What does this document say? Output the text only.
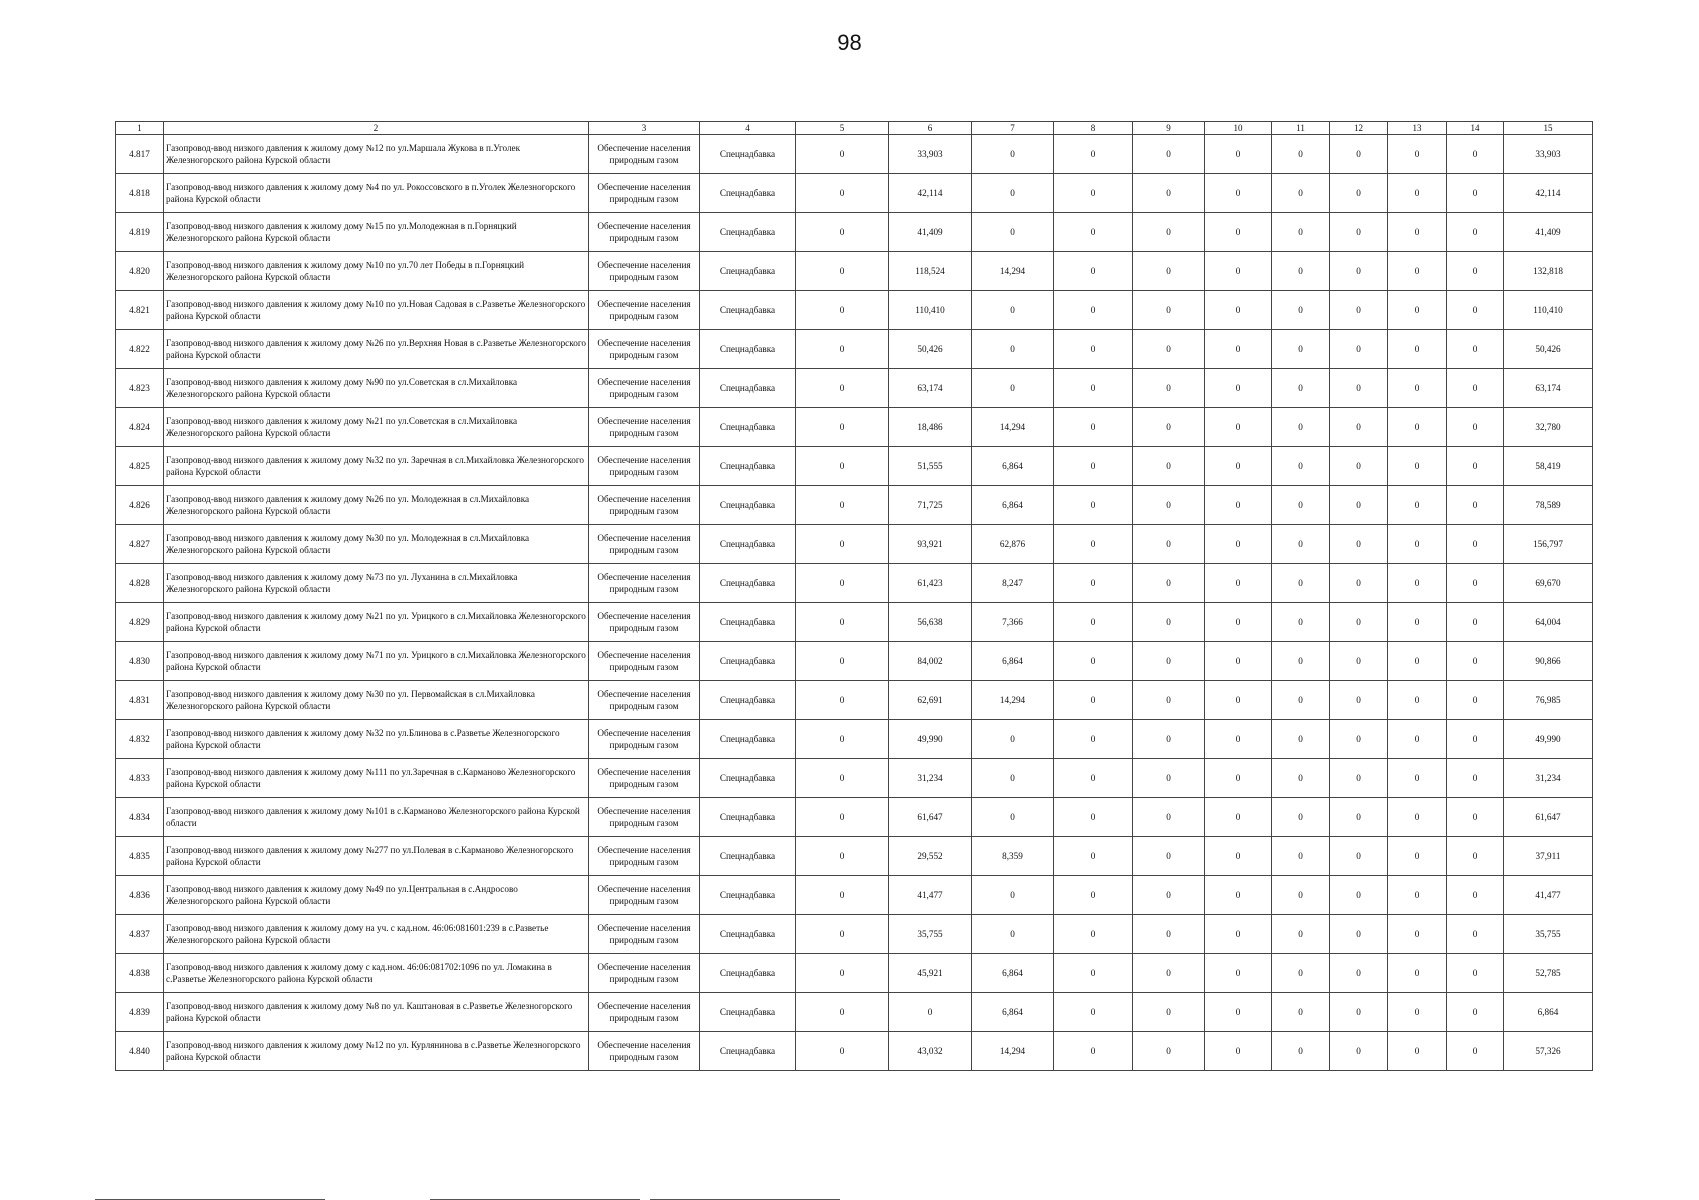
98
1	2	3	4	5	6	7	8	9	10	11	12	13	14	15
4.817	Газопровод-ввод низкого давления к жилому дому №12 по ул.Маршала Жукова в п.Уголек Железногорского района Курской области	Обеспечение населения природным газом	Спецнадбавка	0	33,903	0	0	0	0	0	0	0	0	33,903
4.818	Газопровод-ввод низкого давления к жилому дому №4 по ул. Рокоссовского в п.Уголек Железногорского района Курской области	Обеспечение населения природным газом	Спецнадбавка	0	42,114	0	0	0	0	0	0	0	0	42,114
4.819	Газопровод-ввод низкого давления к жилому дому №15 по ул.Молодежная в п.Горняцкий Железногорского района Курской области	Обеспечение населения природным газом	Спецнадбавка	0	41,409	0	0	0	0	0	0	0	0	41,409
4.820	Газопровод-ввод низкого давления к жилому дому №10 по ул.70 лет Победы в п.Горняцкий Железногорского района Курской области	Обеспечение населения природным газом	Спецнадбавка	0	118,524	14,294	0	0	0	0	0	0	0	132,818
4.821	Газопровод-ввод низкого давления к жилому дому №10 по ул.Новая Садовая в с.Разветье Железногорского района Курской области	Обеспечение населения природным газом	Спецнадбавка	0	110,410	0	0	0	0	0	0	0	0	110,410
4.822	Газопровод-ввод низкого давления к жилому дому №26 по ул.Верхняя Новая в с.Разветье Железногорского района Курской области	Обеспечение населения природным газом	Спецнадбавка	0	50,426	0	0	0	0	0	0	0	0	50,426
4.823	Газопровод-ввод низкого давления к жилому дому №90 по ул.Советская в сл.Михайловка Железногорского района Курской области	Обеспечение населения природным газом	Спецнадбавка	0	63,174	0	0	0	0	0	0	0	0	63,174
4.824	Газопровод-ввод низкого давления к жилому дому №21 по ул.Советская в сл.Михайловка Железногорского района Курской области	Обеспечение населения природным газом	Спецнадбавка	0	18,486	14,294	0	0	0	0	0	0	0	32,780
4.825	Газопровод-ввод низкого давления к жилому дому №32 по ул. Заречная в сл.Михайловка Железногорского района Курской области	Обеспечение населения природным газом	Спецнадбавка	0	51,555	6,864	0	0	0	0	0	0	0	58,419
4.826	Газопровод-ввод низкого давления к жилому дому №26 по ул. Молодежная в сл.Михайловка Железногорского района Курской области	Обеспечение населения природным газом	Спецнадбавка	0	71,725	6,864	0	0	0	0	0	0	0	78,589
4.827	Газопровод-ввод низкого давления к жилому дому №30 по ул. Молодежная в сл.Михайловка Железногорского района Курской области	Обеспечение населения природным газом	Спецнадбавка	0	93,921	62,876	0	0	0	0	0	0	0	156,797
4.828	Газопровод-ввод низкого давления к жилому дому №73 по ул. Луханина в сл.Михайловка Железногорского района Курской области	Обеспечение населения природным газом	Спецнадбавка	0	61,423	8,247	0	0	0	0	0	0	0	69,670
4.829	Газопровод-ввод низкого давления к жилому дому №21 по ул. Урицкого в сл.Михайловка Железногорского района Курской области	Обеспечение населения природным газом	Спецнадбавка	0	56,638	7,366	0	0	0	0	0	0	0	64,004
4.830	Газопровод-ввод низкого давления к жилому дому №71 по ул. Урицкого в сл.Михайловка Железногорского района Курской области	Обеспечение населения природным газом	Спецнадбавка	0	84,002	6,864	0	0	0	0	0	0	0	90,866
4.831	Газопровод-ввод низкого давления к жилому дому №30 по ул. Первомайская в сл.Михайловка Железногорского района Курской области	Обеспечение населения природным газом	Спецнадбавка	0	62,691	14,294	0	0	0	0	0	0	0	76,985
4.832	Газопровод-ввод низкого давления к жилому дому №32 по ул.Блинова в с.Разветье Железногорского района Курской области	Обеспечение населения природным газом	Спецнадбавка	0	49,990	0	0	0	0	0	0	0	0	49,990
4.833	Газопровод-ввод низкого давления к жилому дому №111 по ул.Заречная в с.Карманово Железногорского района Курской области	Обеспечение населения природным газом	Спецнадбавка	0	31,234	0	0	0	0	0	0	0	0	31,234
4.834	Газопровод-ввод низкого давления к жилому дому №101 в с.Карманово Железногорского района Курской области	Обеспечение населения природным газом	Спецнадбавка	0	61,647	0	0	0	0	0	0	0	0	61,647
4.835	Газопровод-ввод низкого давления к жилому дому №277 по ул.Полевая в с.Карманово Железногорского района Курской области	Обеспечение населения природным газом	Спецнадбавка	0	29,552	8,359	0	0	0	0	0	0	0	37,911
4.836	Газопровод-ввод низкого давления к жилому дому №49 по ул.Центральная в с.Андросово Железногорского района Курской области	Обеспечение населения природным газом	Спецнадбавка	0	41,477	0	0	0	0	0	0	0	0	41,477
4.837	Газопровод-ввод низкого давления к жилому дому на уч. с кад.ном. 46:06:081601:239 в с.Разветье Железногорского района Курской области	Обеспечение населения природным газом	Спецнадбавка	0	35,755	0	0	0	0	0	0	0	0	35,755
4.838	Газопровод-ввод низкого давления к жилому дому с кад.ном. 46:06:081702:1096 по ул. Ломакина в с.Разветье Железногорского района Курской области	Обеспечение населения природным газом	Спецнадбавка	0	45,921	6,864	0	0	0	0	0	0	0	52,785
4.839	Газопровод-ввод низкого давления к жилому дому №8 по ул. Каштановая в с.Разветье Железногорского района Курской области	Обеспечение населения природным газом	Спецнадбавка	0	0	6,864	0	0	0	0	0	0	0	6,864
4.840	Газопровод-ввод низкого давления к жилому дому №12 по ул. Курлянинова в с.Разветье Железногорского района Курской области	Обеспечение населения природным газом	Спецнадбавка	0	43,032	14,294	0	0	0	0	0	0	0	57,326
